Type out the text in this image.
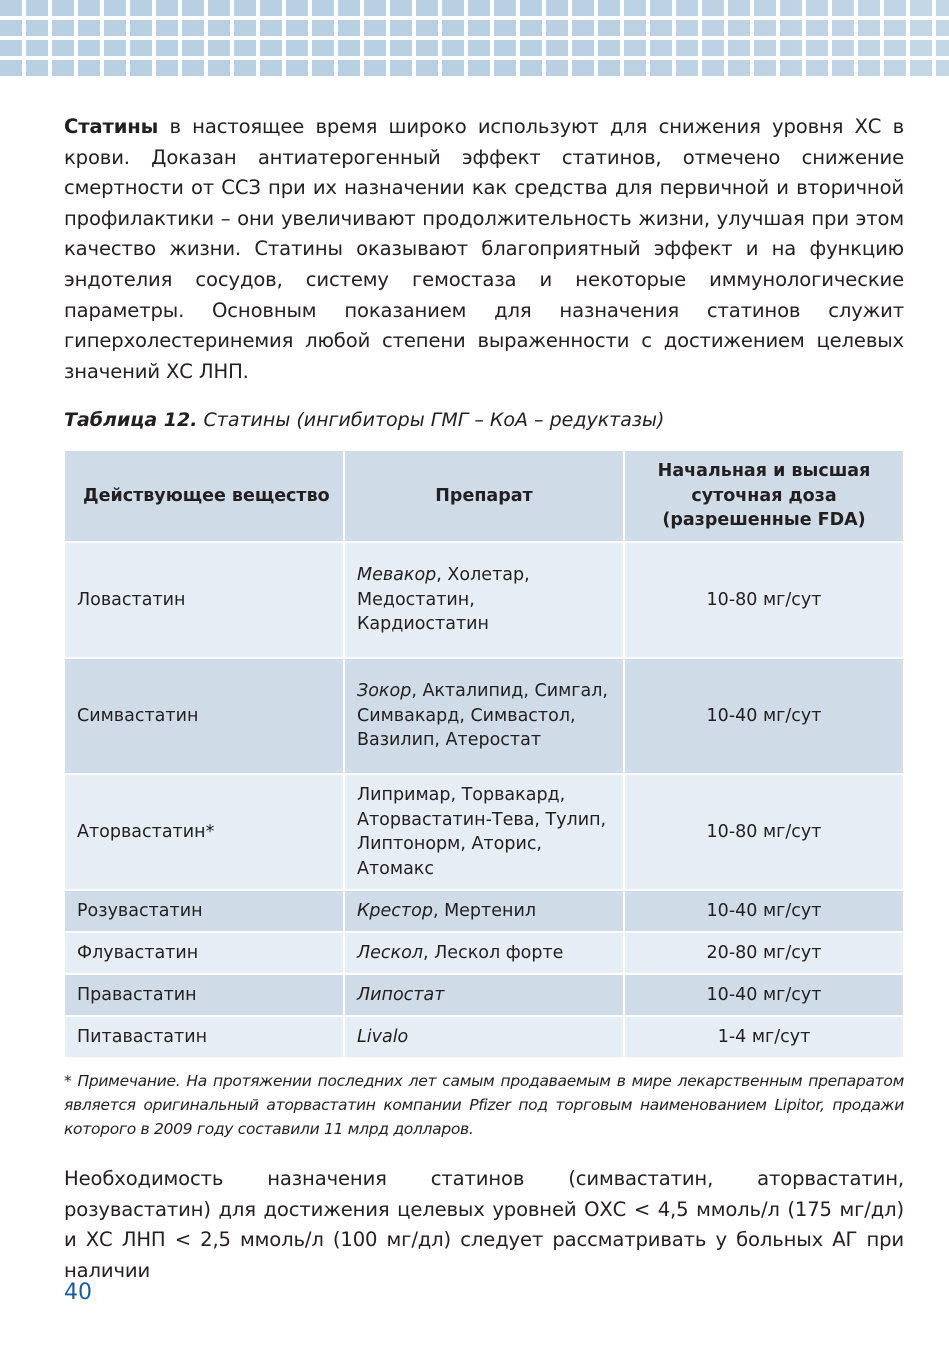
Статины в настоящее время широко используют для снижения уровня ХС в крови. Доказан антиатерогенный эффект статинов, отмечено снижение смертности от ССЗ при их назначении как средства для первичной и вторичной профилактики – они увеличивают продолжительность жизни, улучшая при этом качество жизни. Статины оказывают благоприятный эффект и на функцию эндотелия сосудов, систему гемостаза и некоторые иммунологические параметры. Основным показанием для назначения статинов служит гиперхолестеринемия любой степени выраженности с достижением целевых значений ХС ЛНП.

Таблица 12. Статины (ингибиторы ГМГ – КоА – редуктазы)

Действующее вещество	Препарат	Начальная и высшая суточная доза (разрешенные FDA)
Ловастатин	Мевакор, Холетар, Медостатин, Кардиостатин	10-80 мг/сут
Симвастатин	Зокор, Акталипид, Симгал, Симвакард, Симвастол, Вазилип, Атеростат	10-40 мг/сут
Аторвастатин*	Липримар, Торвакард, Аторвастатин-Тева, Тулип, Липтонорм, Аторис, Атомакс	10-80 мг/сут
Розувастатин	Крестор, Мертенил	10-40 мг/сут
Флувастатин	Лескол, Лескол форте	20-80 мг/сут
Правастатин	Липостат	10-40 мг/сут
Питавастатин	Livalo	1-4 мг/сут

* Примечание. На протяжении последних лет самым продаваемым в мире лекарственным препаратом является оригинальный аторвастатин компании Pfizer под торговым наименованием Lipitor, продажи которого в 2009 году составили 11 млрд долларов.

Необходимость назначения статинов (симвастатин, аторвастатин, розувастатин) для достижения целевых уровней ОХС < 4,5 ммоль/л (175 мг/дл) и ХС ЛНП < 2,5 ммоль/л (100 мг/дл) следует рассматривать у больных АГ при наличии

40
